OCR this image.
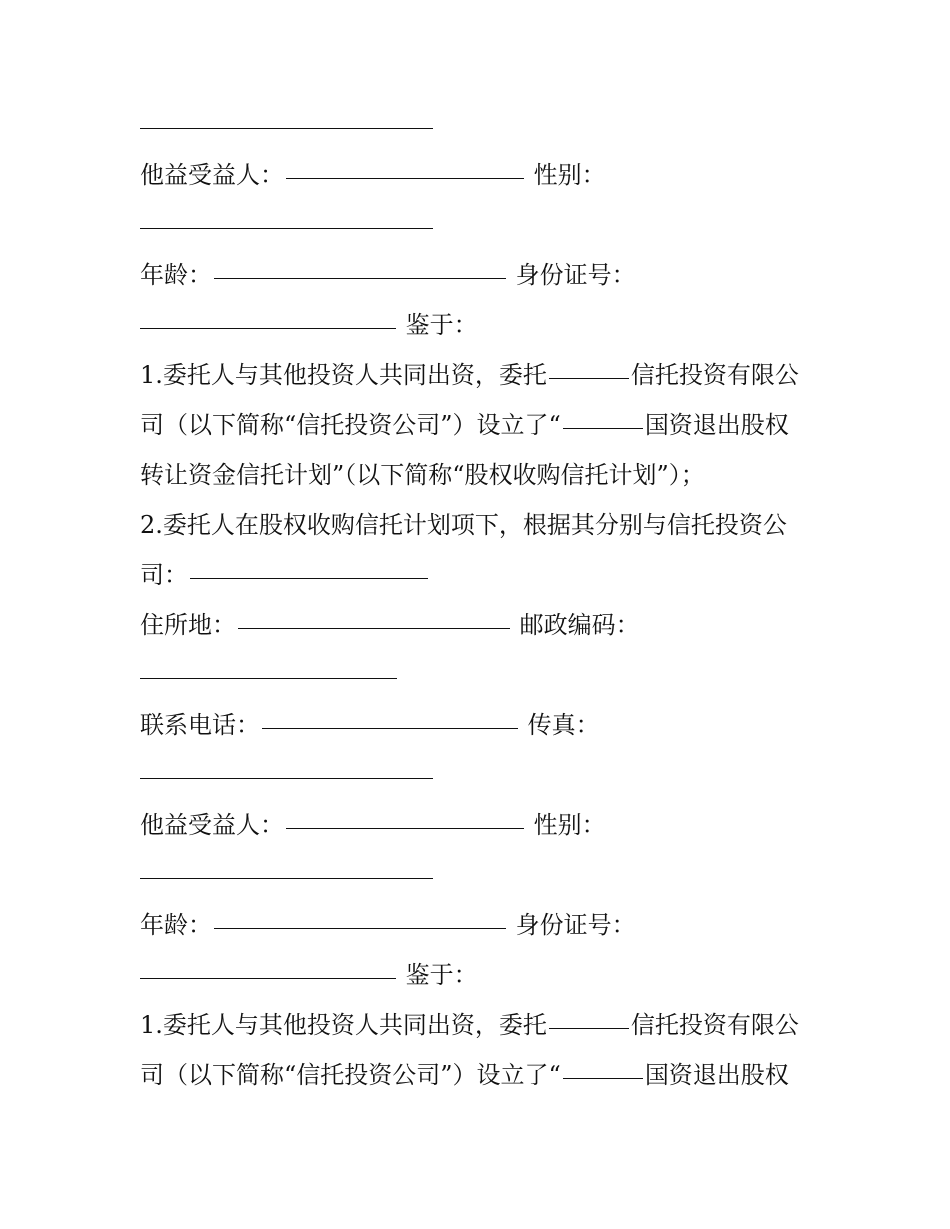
他益受益人：	性别：
年龄：	身份证号：
鉴于：
1.委托人与其他投资人共同出资，委托	信托投资有限公
司（以下简称“信托投资公司”）设立了“	国资退出股权
转让资金信托计划”（以下简称“股权收购信托计划”）；
2.委托人在股权收购信托计划项下，根据其分别与信托投资公
司：
住所地：	邮政编码：
联系电话：	传真：
他益受益人：	性别：
年龄：	身份证号：
鉴于：
1.委托人与其他投资人共同出资，委托	信托投资有限公
司（以下简称“信托投资公司”）设立了“	国资退出股权
